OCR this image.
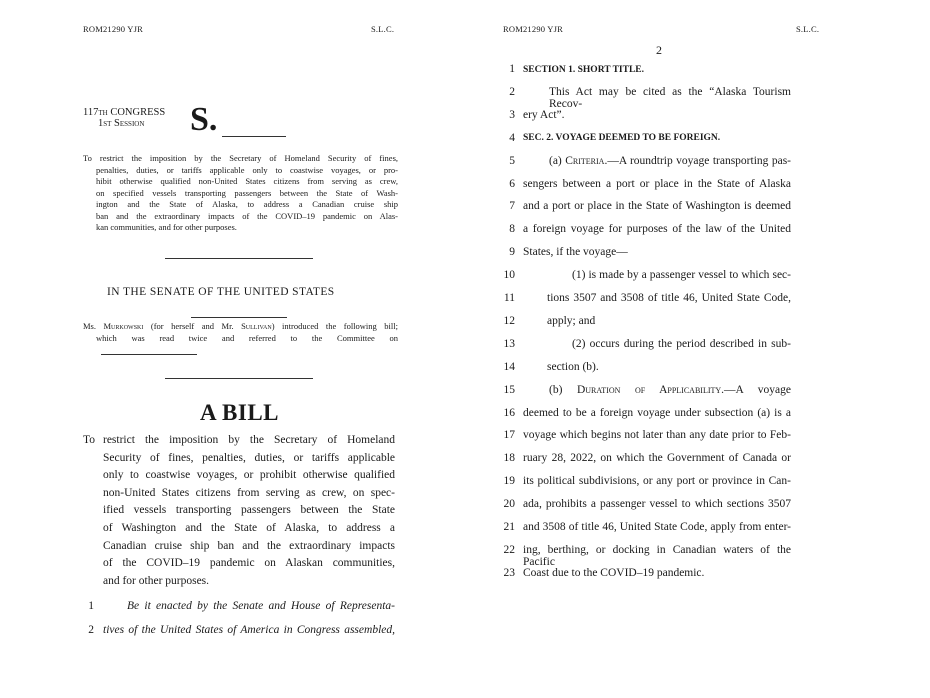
ROM21290 YJR	S.L.C.
117th CONGRESS
1st Session	S.
To restrict the imposition by the Secretary of Homeland Security of fines,
penalties, duties, or tariffs applicable only to coastwise voyages, or pro-
hibit otherwise qualified non-United States citizens from serving as crew,
on specified vessels transporting passengers between the State of Wash-
ington and the State of Alaska, to address a Canadian cruise ship
ban and the extraordinary impacts of the COVID–19 pandemic on Alas-
kan communities, and for other purposes.
IN THE SENATE OF THE UNITED STATES
Ms. Murkowski (for herself and Mr. Sullivan) introduced the following bill;
which was read twice and referred to the Committee on
A BILL
To restrict the imposition by the Secretary of Homeland
Security of fines, penalties, duties, or tariffs applicable
only to coastwise voyages, or prohibit otherwise qualified
non-United States citizens from serving as crew, on spec-
ified vessels transporting passengers between the State
of Washington and the State of Alaska, to address a
Canadian cruise ship ban and the extraordinary impacts
of the COVID–19 pandemic on Alaskan communities,
and for other purposes.
1	Be it enacted by the Senate and House of Representa-
2 tives of the United States of America in Congress assembled,
ROM21290 YJR	S.L.C.
2
1 SECTION 1. SHORT TITLE.
2	This Act may be cited as the “Alaska Tourism Recov-
3 ery Act”.
4 SEC. 2. VOYAGE DEEMED TO BE FOREIGN.
5	(a) Criteria.—A roundtrip voyage transporting pas-
6 sengers between a port or place in the State of Alaska
7 and a port or place in the State of Washington is deemed
8 a foreign voyage for purposes of the law of the United
9 States, if the voyage—
10	(1) is made by a passenger vessel to which sec-
11	tions 3507 and 3508 of title 46, United State Code,
12	apply; and
13	(2) occurs during the period described in sub-
14	section (b).
15	(b) Duration of Applicability.—A voyage
16 deemed to be a foreign voyage under subsection (a) is a
17 voyage which begins not later than any date prior to Feb-
18 ruary 28, 2022, on which the Government of Canada or
19 its political subdivisions, or any port or province in Can-
20 ada, prohibits a passenger vessel to which sections 3507
21 and 3508 of title 46, United State Code, apply from enter-
22 ing, berthing, or docking in Canadian waters of the Pacific
23 Coast due to the COVID–19 pandemic.
